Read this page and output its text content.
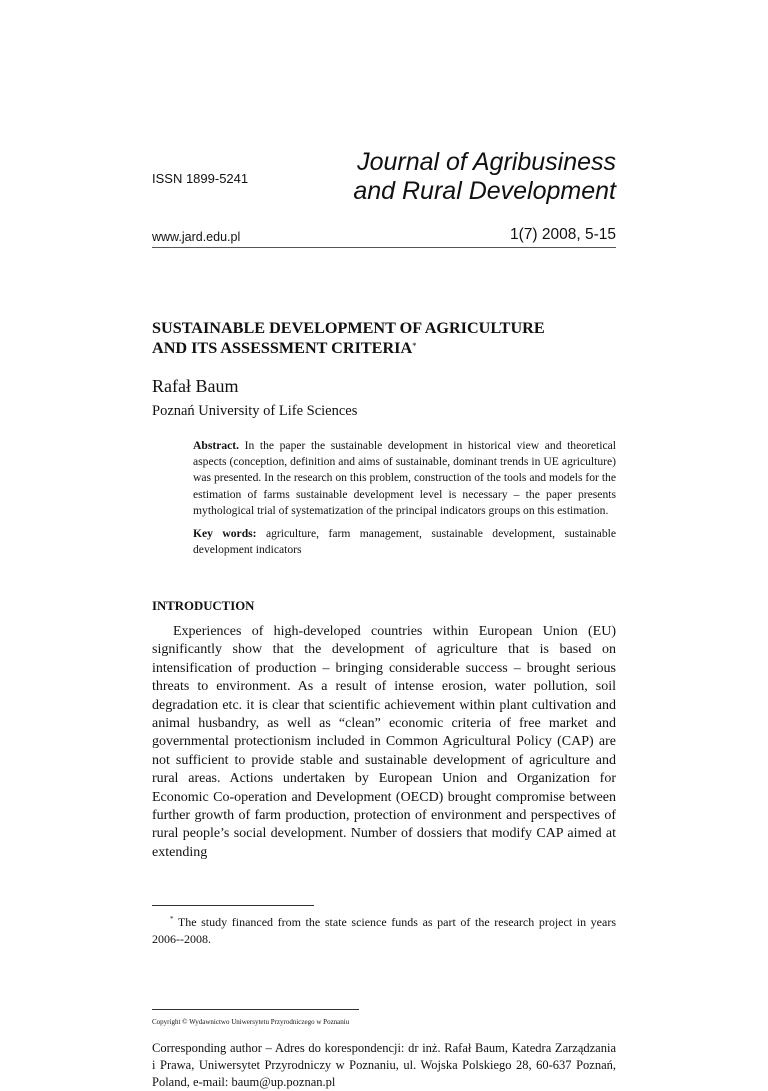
ISSN 1899-5241
Journal of Agribusiness
and Rural Development
www.jard.edu.pl	1(7) 2008, 5-15
SUSTAINABLE DEVELOPMENT OF AGRICULTURE
AND ITS ASSESSMENT CRITERIA*
Rafał Baum
Poznań University of Life Sciences
Abstract. In the paper the sustainable development in historical view and theoretical aspects (conception, definition and aims of sustainable, dominant trends in UE agriculture) was presented. In the research on this problem, construction of the tools and models for the estimation of farms sustainable development level is necessary – the paper presents mythological trial of systematization of the principal indicators groups on this estimation.
Key words: agriculture, farm management, sustainable development, sustainable development indicators
INTRODUCTION

Experiences of high-developed countries within European Union (EU) significantly show that the development of agriculture that is based on intensification of production – bringing considerable success – brought serious threats to environment. As a result of intense erosion, water pollution, soil degradation etc. it is clear that scientific achievement within plant cultivation and animal husbandry, as well as “clean” economic criteria of free market and governmental protectionism included in Common Agricultural Policy (CAP) are not sufficient to provide stable and sustainable development of agriculture and rural areas. Actions undertaken by European Union and Organization for Economic Co-operation and Development (OECD) brought compromise between further growth of farm production, protection of environment and perspectives of rural people’s social development. Number of dossiers that modify CAP aimed at extending

* The study financed from the state science funds as part of the research project in years 2006--2008.

Copyright © Wydawnictwo Uniwersytetu Przyrodniczego w Poznaniu
Corresponding author – Adres do korespondencji: dr inż. Rafał Baum, Katedra Zarządzania i Prawa, Uniwersytet Przyrodniczy w Poznaniu, ul. Wojska Polskiego 28, 60-637 Poznań, Poland, e-mail: baum@up.poznan.pl
